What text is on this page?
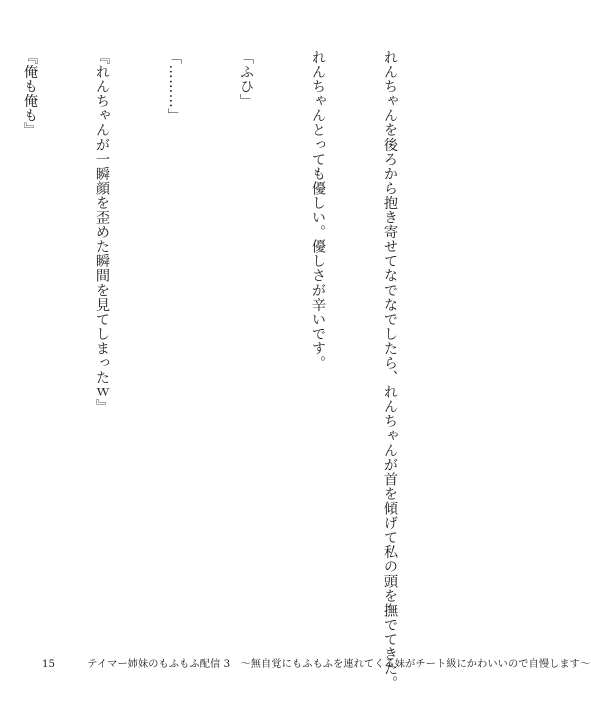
れんちゃんを後ろから抱き寄せてなでなでしたら、れんちゃんが首を傾げて私の頭を撫でてきた。

れんちゃんとっても優しい。優しさが辛いです。

「ふひ」

「………」

『れんちゃんが一瞬顔を歪めた瞬間を見てしまったｗ』

『俺も俺も』

15	テイマー姉妹のもふもふ配信 3　～無自覚にもふもふを連れてくる妹がチート級にかわいいので自慢します～
